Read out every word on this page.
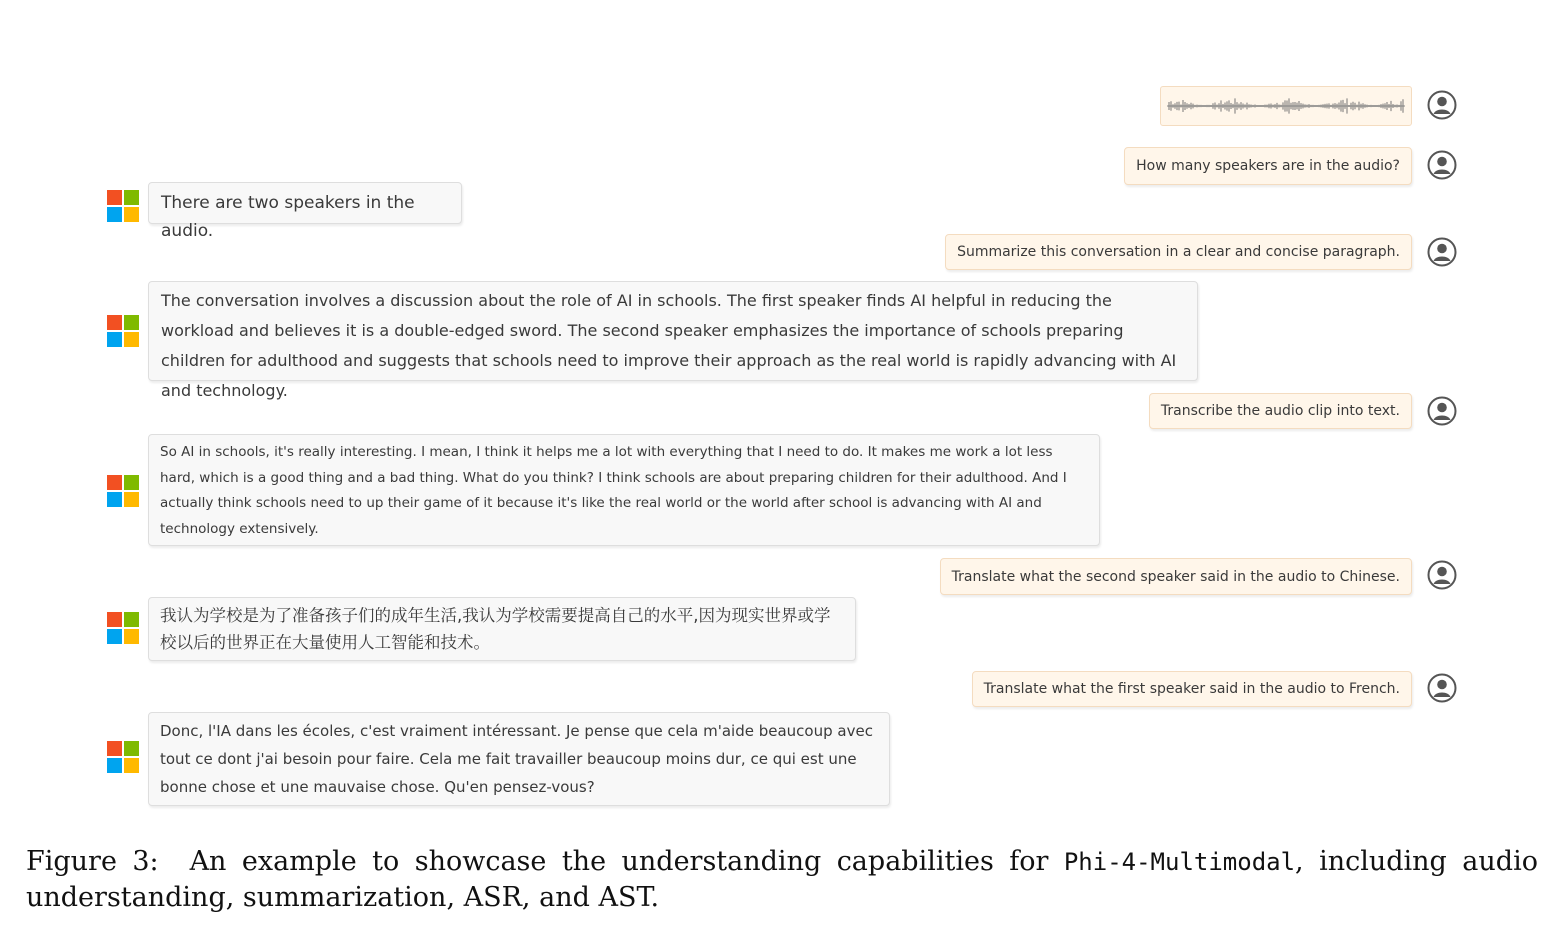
How many speakers are in the audio?
There are two speakers in the audio.
Summarize this conversation in a clear and concise paragraph.
The conversation involves a discussion about the role of AI in schools. The first speaker finds AI helpful in reducing the workload and believes it is a double-edged sword. The second speaker emphasizes the importance of schools preparing children for adulthood and suggests that schools need to improve their approach as the real world is rapidly advancing with AI and technology.
Transcribe the audio clip into text.
So AI in schools, it's really interesting. I mean, I think it helps me a lot with everything that I need to do. It makes me work a lot less hard, which is a good thing and a bad thing. What do you think? I think schools are about preparing children for their adulthood. And I actually think schools need to up their game of it because it's like the real world or the world after school is advancing with AI and technology extensively.
Translate what the second speaker said in the audio to Chinese.
我认为学校是为了准备孩子们的成年生活,我认为学校需要提高自己的水平,因为现实世界或学校以后的世界正在大量使用人工智能和技术。
Translate what the first speaker said in the audio to French.
Donc, l'IA dans les écoles, c'est vraiment intéressant. Je pense que cela m'aide beaucoup avec tout ce dont j'ai besoin pour faire. Cela me fait travailler beaucoup moins dur, ce qui est une bonne chose et une mauvaise chose. Qu'en pensez-vous?
Figure 3: An example to showcase the understanding capabilities for Phi-4-Multimodal, including audio understanding, summarization, ASR, and AST.
